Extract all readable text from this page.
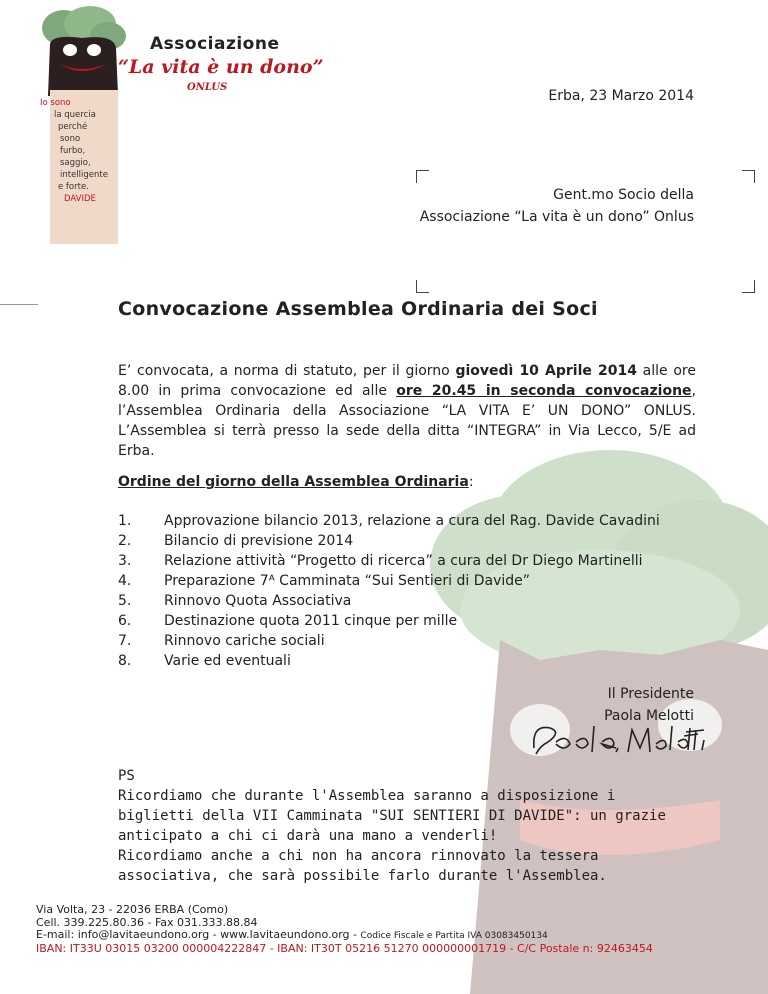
Associazione
“La vita è un dono”
ONLUS
Io sono
la quercia
perché
sono
furbo,
saggio,
intelligente
e forte.
DAVIDE
Erba, 23 Marzo 2014
Gent.mo Socio della
Associazione “La vita è un dono” Onlus
Convocazione Assemblea Ordinaria dei Soci
E’ convocata, a norma di statuto, per il giorno giovedì 10 Aprile 2014 alle ore 8.00 in prima convocazione ed alle ore 20.45 in seconda convocazione, l’Assemblea Ordinaria della Associazione “LA VITA E’ UN DONO” ONLUS. L’Assemblea si terrà presso la sede della ditta “INTEGRA” in Via Lecco, 5/E ad Erba.
Ordine del giorno della Assemblea Ordinaria:
1.	Approvazione bilancio 2013, relazione a cura del Rag. Davide Cavadini
2.	Bilancio di previsione 2014
3.	Relazione attività “Progetto di ricerca” a cura del Dr Diego Martinelli
4.	Preparazione 7ᴬ Camminata “Sui Sentieri di Davide”
5.	Rinnovo Quota Associativa
6.	Destinazione quota 2011 cinque per mille
7.	Rinnovo cariche sociali
8.	Varie ed eventuali
Il Presidente
Paola Melotti

PS

Ricordiamo che durante l'Assemblea saranno a disposizione i biglietti della VII Camminata "SUI SENTIERI DI DAVIDE": un grazie anticipato a chi ci darà una mano a venderli!

Ricordiamo anche a chi non ha ancora rinnovato la tessera associativa, che sarà possibile farlo durante l'Assemblea.

Via Volta, 23 - 22036 ERBA (Como)
Cell. 339.225.80.36 - Fax 031.333.88.84
E-mail: info@lavitaeundono.org - www.lavitaeundono.org - Codice Fiscale e Partita IVA 03083450134
IBAN: IT33U 03015 03200 000004222847 - IBAN: IT30T 05216 51270 000000001719 - C/C Postale n: 92463454
